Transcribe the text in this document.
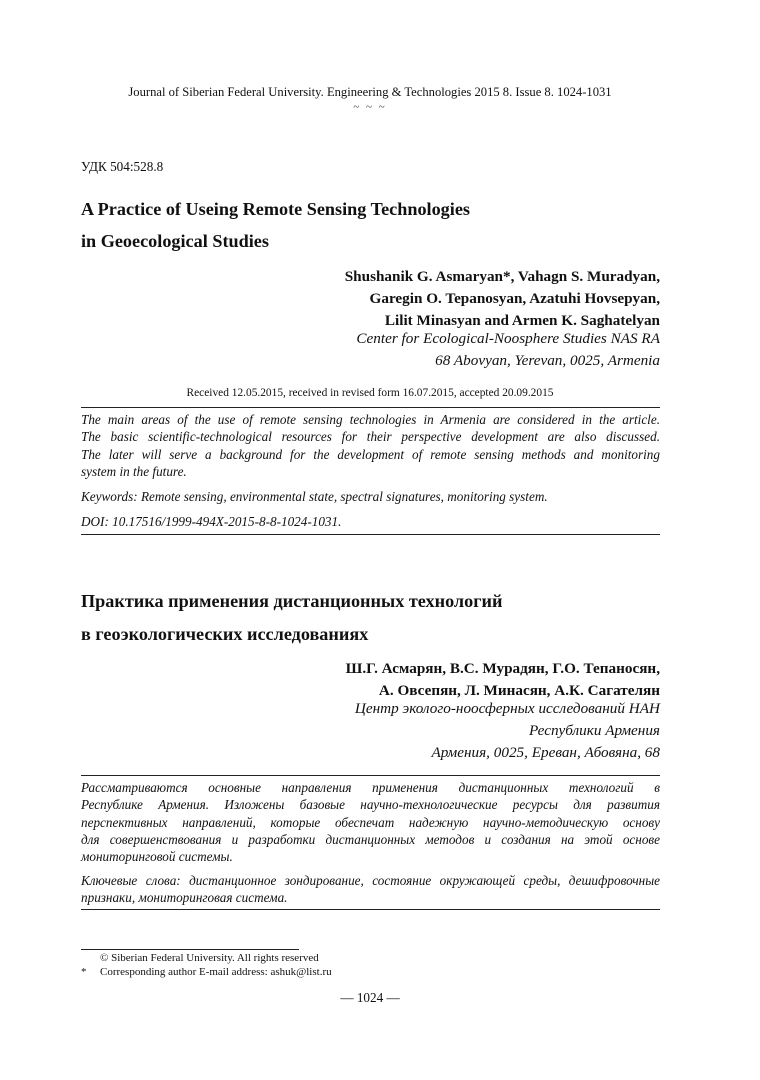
Journal of Siberian Federal University. Engineering & Technologies 2015 8. Issue 8. 1024-1031
~ ~ ~
УДК 504:528.8
A Practice of Useing Remote Sensing Technologies
in Geoecological Studies
Shushanik G. Asmaryan*, Vahagn S. Muradyan,
Garegin O. Tepanosyan, Azatuhi Hovsepyan,
Lilit Minasyan and Armen K. Saghatelyan
Center for Ecological-Noosphere Studies NAS RA
68 Abovyan, Yerevan, 0025, Armenia
Received 12.05.2015, received in revised form 16.07.2015, accepted 20.09.2015
The main areas of the use of remote sensing technologies in Armenia are considered in the article.
The basic scientific-technological resources for their perspective development are also discussed.
The later will serve a background for the development of remote sensing methods and monitoring
system in the future.
Keywords: Remote sensing, environmental state, spectral signatures, monitoring system.
DOI: 10.17516/1999-494X-2015-8-8-1024-1031.
Практика применения дистанционных технологий
в геоэкологических исследованиях
Ш.Г. Асмарян, В.С. Мурадян, Г.О. Тепаносян,
А. Овсепян, Л. Минасян, А.К. Сагателян
Центр эколого-ноосферных исследований НАН
Республики Армения
Армения, 0025, Ереван, Абовяна, 68
Рассматриваются основные направления применения дистанционных технологий в
Республике Армения. Изложены базовые научно-технологические ресурсы для развития
перспективных направлений, которые обеспечат надежную научно-методическую основу
для совершенствования и разработки дистанционных методов и создания на этой основе
мониторинговой системы.
Ключевые слова: дистанционное зондирование, состояние окружающей среды, дешифровочные
признаки, мониторинговая система.
© Siberian Federal University. All rights reserved
* Corresponding author E-mail address: ashuk@list.ru
— 1024 —
